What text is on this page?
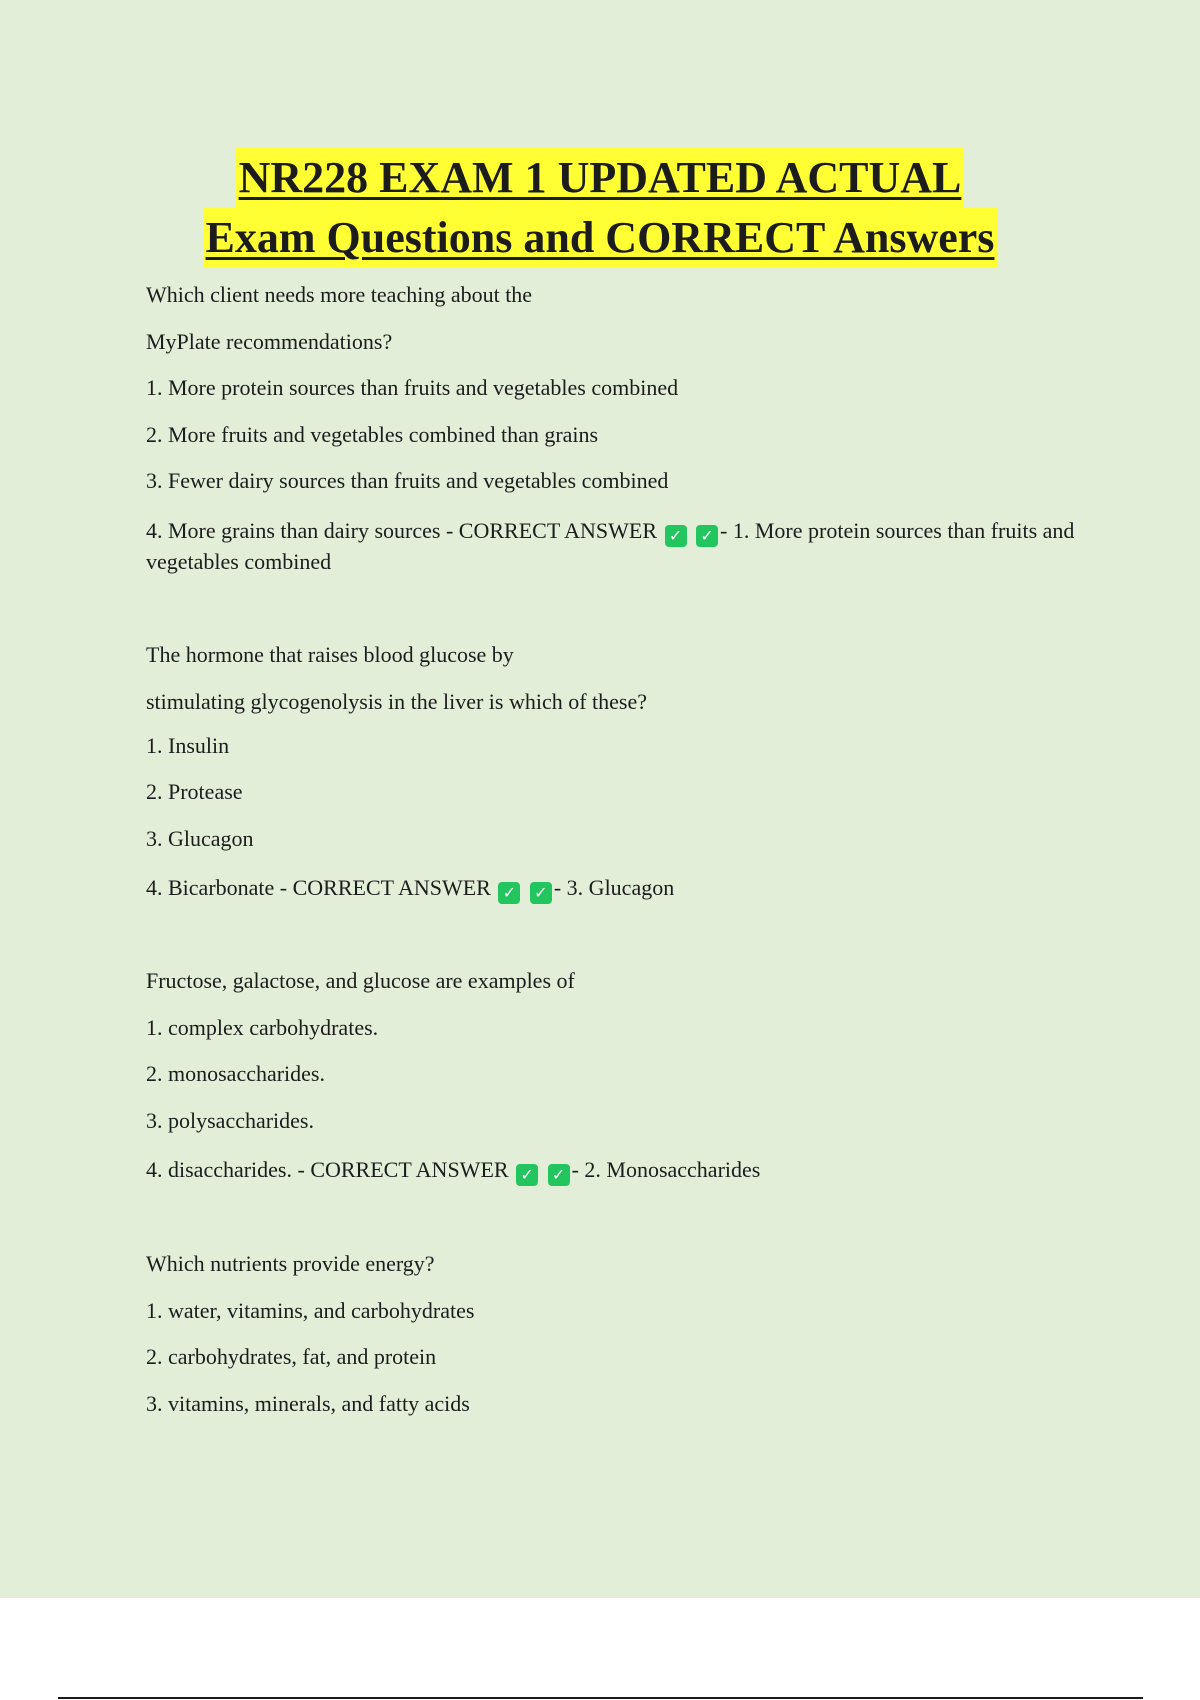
NR228 EXAM 1 UPDATED ACTUAL
Exam Questions and CORRECT Answers
Which client needs more teaching about the
MyPlate recommendations?
1. More protein sources than fruits and vegetables combined
2. More fruits and vegetables combined than grains
3. Fewer dairy sources than fruits and vegetables combined
4. More grains than dairy sources - CORRECT ANSWER ✓ ✓ - 1. More protein sources than fruits and vegetables combined
The hormone that raises blood glucose by
stimulating glycogenolysis in the liver is which of these?
1. Insulin
2. Protease
3. Glucagon
4. Bicarbonate - CORRECT ANSWER ✓ ✓ - 3. Glucagon
Fructose, galactose, and glucose are examples of
1. complex carbohydrates.
2. monosaccharides.
3. polysaccharides.
4. disaccharides. - CORRECT ANSWER ✓ ✓ - 2. Monosaccharides
Which nutrients provide energy?
1. water, vitamins, and carbohydrates
2. carbohydrates, fat, and protein
3. vitamins, minerals, and fatty acids
